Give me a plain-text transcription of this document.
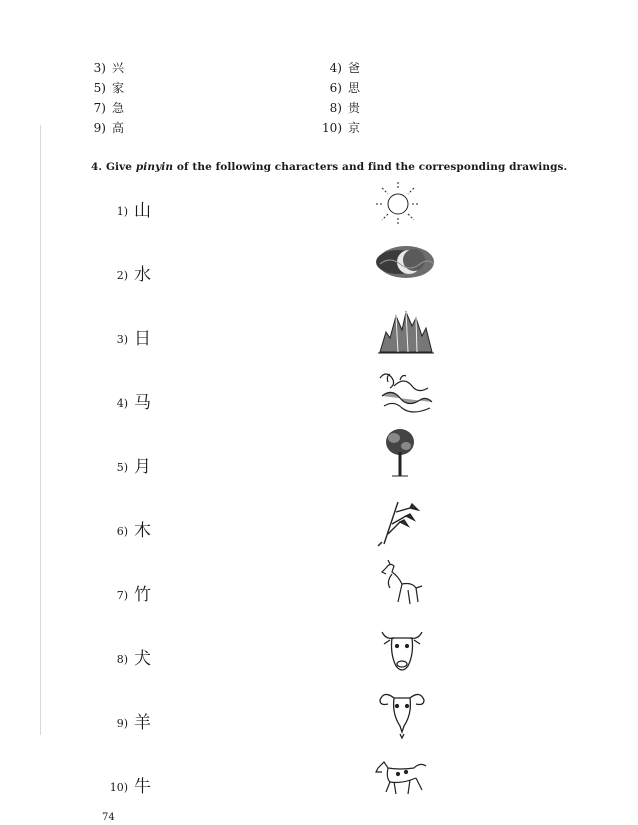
3) 兴	4) 爸
5) 家	6) 思
7) 急	8) 贵
9) 高	10) 京
4. Give pinyin of the following characters and find the corresponding drawings.
1) 山
2) 水
3) 日
4) 马
5) 月
6) 木
7) 竹
8) 犬
9) 羊
10) 牛
74
